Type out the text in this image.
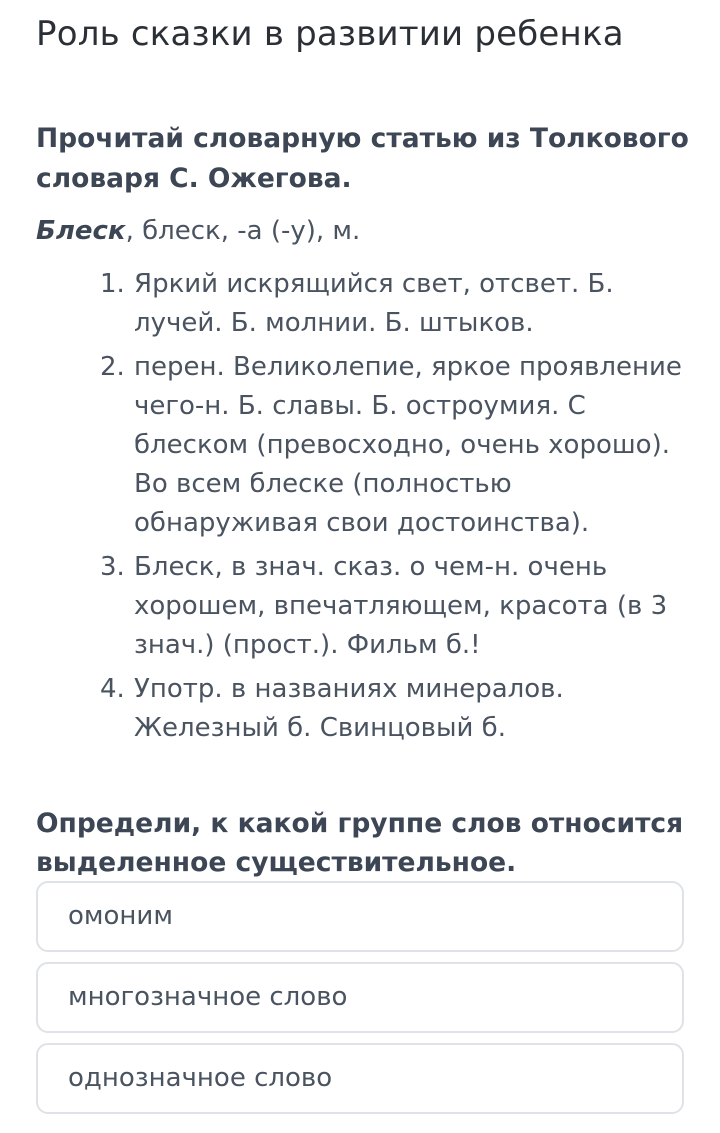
Роль сказки в развитии ребенка

Прочитай словарную статью из Толкового словаря С. Ожегова.

Блеск, блеск, -а (-у), м.

1. Яркий искрящийся свет, отсвет. Б. лучей. Б. молнии. Б. штыков.
2. перен. Великолепие, яркое проявление чего-н. Б. славы. Б. остроумия. С блеском (превосходно, очень хорошо). Во всем блеске (полностью обнаруживая свои достоинства).
3. Блеск, в знач. сказ. о чем-н. очень хорошем, впечатляющем, красота (в 3 знач.) (прост.). Фильм б.!
4. Употр. в названиях минералов. Железный б. Свинцовый б.

Определи, к какой группе слов относится выделенное существительное.

омоним
многозначное слово
однозначное слово
